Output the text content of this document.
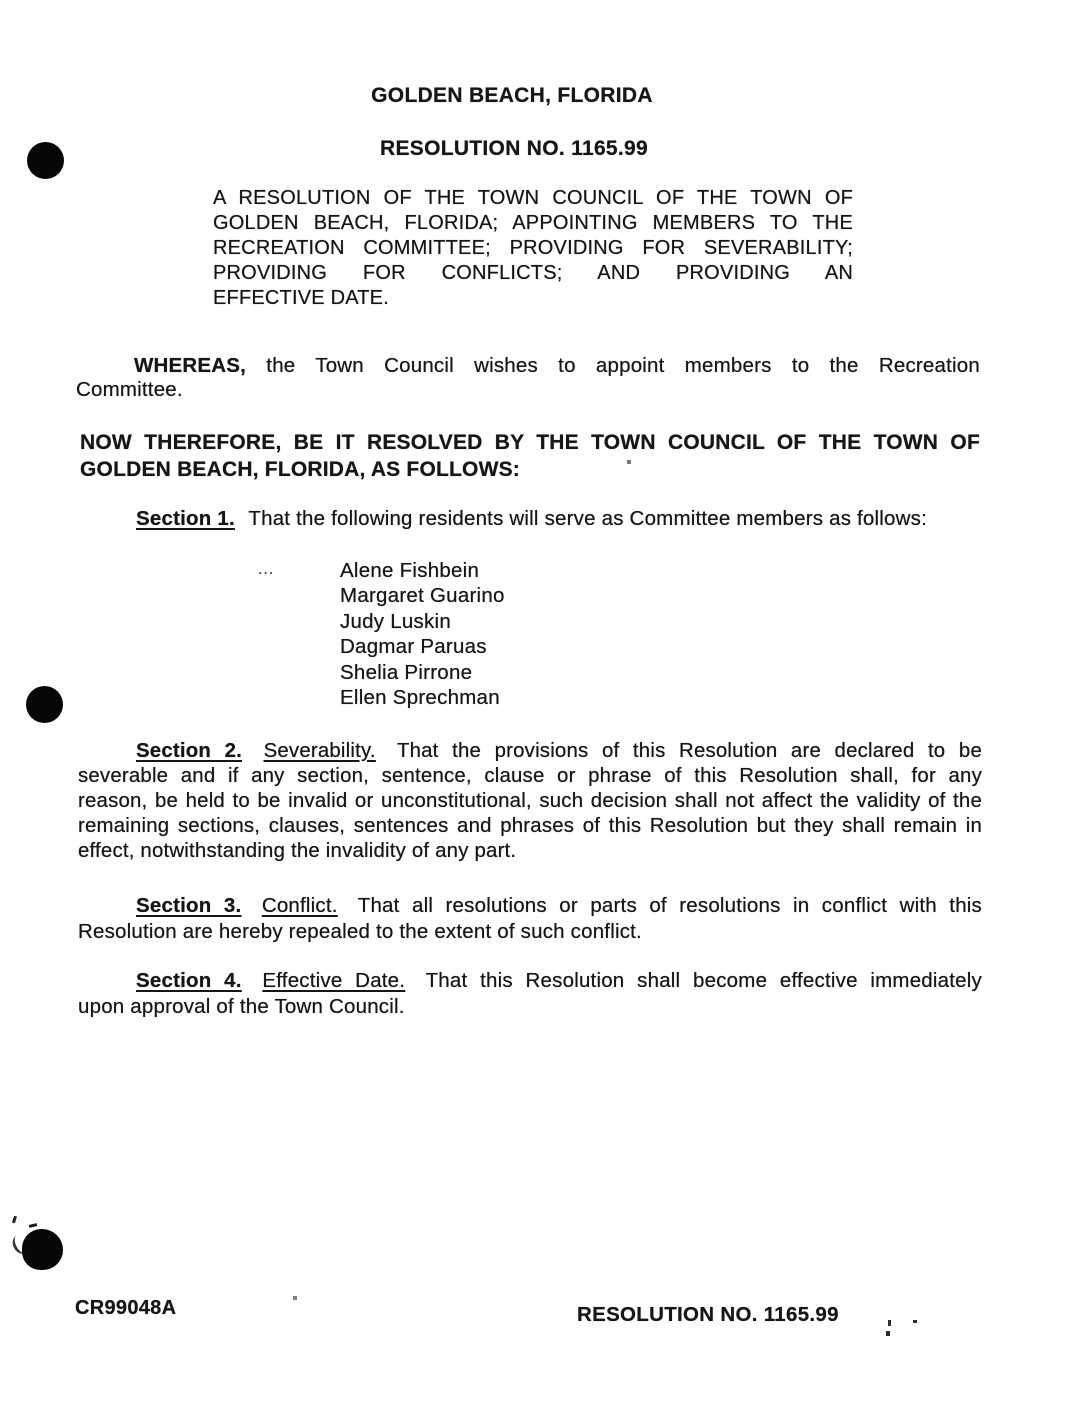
GOLDEN BEACH, FLORIDA
RESOLUTION NO. 1165.99
A RESOLUTION OF THE TOWN COUNCIL OF THE TOWN OF
GOLDEN BEACH, FLORIDA; APPOINTING MEMBERS TO THE
RECREATION COMMITTEE; PROVIDING FOR SEVERABILITY;
PROVIDING FOR CONFLICTS; AND PROVIDING AN
EFFECTIVE DATE.
WHEREAS, the Town Council wishes to appoint members to the Recreation
Committee.
NOW THEREFORE, BE IT RESOLVED BY THE TOWN COUNCIL OF THE TOWN OF
GOLDEN BEACH, FLORIDA, AS FOLLOWS:
Section 1. That the following residents will serve as Committee members as follows:
...	Alene Fishbein
Margaret Guarino
Judy Luskin
Dagmar Paruas
Shelia Pirrone
Ellen Sprechman
Section 2. Severability. That the provisions of this Resolution are declared to be
severable and if any section, sentence, clause or phrase of this Resolution shall, for any
reason, be held to be invalid or unconstitutional, such decision shall not affect the validity of the
remaining sections, clauses, sentences and phrases of this Resolution but they shall remain in
effect, notwithstanding the invalidity of any part.
Section 3. Conflict. That all resolutions or parts of resolutions in conflict with this
Resolution are hereby repealed to the extent of such conflict.
Section 4. Effective Date. That this Resolution shall become effective immediately
upon approval of the Town Council.
CR99048A	RESOLUTION NO. 1165.99
